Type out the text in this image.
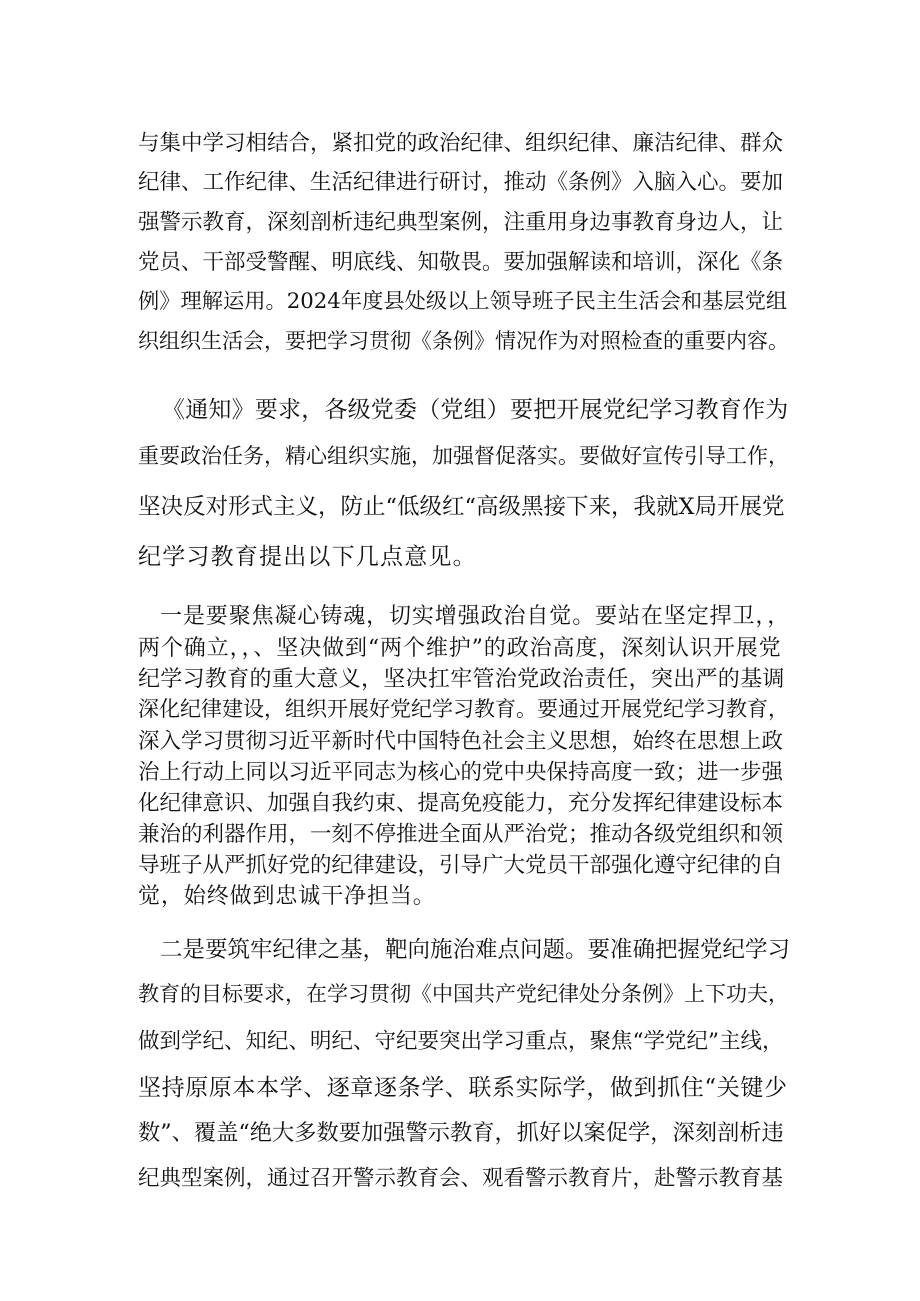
与集中学习相结合，紧扣党的政治纪律、组织纪律、廉洁纪律、群众
纪律、工作纪律、生活纪律进行研讨，推动《条例》入脑入心。要加
强警示教育，深刻剖析违纪典型案例，注重用身边事教育身边人，让
党员、干部受警醒、明底线、知敬畏。要加强解读和培训，深化《条
例》理解运用。2024年度县处级以上领导班子民主生活会和基层党组
织组织生活会，要把学习贯彻《条例》情况作为对照检查的重要内容。
《通知》要求，各级党委（党组）要把开展党纪学习教育作为
重要政治任务，精心组织实施，加强督促落实。要做好宣传引导工作，
坚决反对形式主义，防止“低级红“高级黑接下来，我就X局开展党
纪学习教育提出以下几点意见。
一是要聚焦凝心铸魂，切实增强政治自觉。要站在坚定捍卫，，
两个确立，，、坚决做到“两个维护”的政治高度，深刻认识开展党
纪学习教育的重大意义，坚决扛牢管治党政治责任，突出严的基调
深化纪律建设，组织开展好党纪学习教育。要通过开展党纪学习教育，
深入学习贯彻习近平新时代中国特色社会主义思想，始终在思想上政
治上行动上同以习近平同志为核心的党中央保持高度一致；进一步强
化纪律意识、加强自我约束、提高免疫能力，充分发挥纪律建设标本
兼治的利器作用，一刻不停推进全面从严治党；推动各级党组织和领
导班子从严抓好党的纪律建设，引导广大党员干部强化遵守纪律的自
觉，始终做到忠诚干净担当。
二是要筑牢纪律之基，靶向施治难点问题。要准确把握党纪学习
教育的目标要求，在学习贯彻《中国共产党纪律处分条例》上下功夫，
做到学纪、知纪、明纪、守纪要突出学习重点，聚焦“学党纪”主线，
坚持原原本本学、逐章逐条学、联系实际学，做到抓住“关键少
数”、覆盖“绝大多数要加强警示教育，抓好以案促学，深刻剖析违
纪典型案例，通过召开警示教育会、观看警示教育片，赴警示教育基
